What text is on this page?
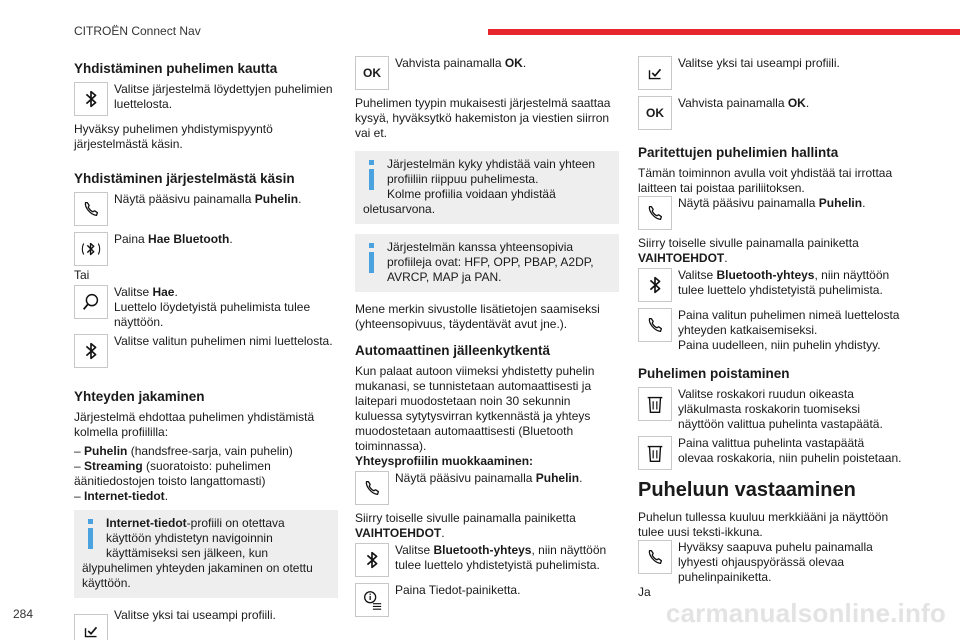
CITROËN Connect Nav
Yhdistäminen puhelimen kautta
Valitse järjestelmä löydettyjen puhelimien luettelosta.

Hyväksy puhelimen yhdistymispyyntö järjestelmästä käsin.

Yhdistäminen järjestelmästä käsin
Näytä pääsivu painamalla Puhelin.
Paina Hae Bluetooth.

Tai

Valitse Hae.
Luettelo löydetyistä puhelimista tulee näyttöön.
Valitse valitun puhelimen nimi luettelosta.
Yhteyden jakaminen

Järjestelmä ehdottaa puhelimen yhdistämistä kolmella profiililla:

– Puhelin (handsfree-sarja, vain puhelin)

– Streaming (suoratoisto: puhelimen äänitiedostojen toisto langattomasti)

– Internet-tiedot.

Internet-tiedot-profiili on otettava käyttöön yhdistetyn navigoinnin käyttämiseksi sen jälkeen, kun älypuhelimen yhteyden jakaminen on otettu käyttöön.
Valitse yksi tai useampi profiili.
OK
Vahvista painamalla OK.

Puhelimen tyypin mukaisesti järjestelmä saattaa kysyä, hyväksytkö hakemiston ja viestien siirron vai et.

Järjestelmän kyky yhdistää vain yhteen profiiliin riippuu puhelimesta.
Kolme profiilia voidaan yhdistää oletusarvona.
Järjestelmän kanssa yhteensopivia profiileja ovat: HFP, OPP, PBAP, A2DP, AVRCP, MAP ja PAN.

Mene merkin sivustolle lisätietojen saamiseksi (yhteensopivuus, täydentävät avut jne.).

Automaattinen jälleenkytkentä

Kun palaat autoon viimeksi yhdistetty puhelin mukanasi, se tunnistetaan automaattisesti ja laitepari muodostetaan noin 30 sekunnin kuluessa sytytysvirran kytkennästä ja yhteys muodostetaan automaattisesti (Bluetooth toiminnassa).

Yhteysprofiilin muokkaaminen:

Näytä pääsivu painamalla Puhelin.

Siirry toiselle sivulle painamalla painiketta
VAIHTOEHDOT.

Valitse Bluetooth-yhteys, niin näyttöön tulee luettelo yhdistetyistä puhelimista.
Paina Tiedot-painiketta.
Valitse yksi tai useampi profiili.
OK
Vahvista painamalla OK.
Paritettujen puhelimien hallinta

Tämän toiminnon avulla voit yhdistää tai irrottaa laitteen tai poistaa pariliitoksen.

Näytä pääsivu painamalla Puhelin.

Siirry toiselle sivulle painamalla painiketta
VAIHTOEHDOT.

Valitse Bluetooth-yhteys, niin näyttöön tulee luettelo yhdistetyistä puhelimista.
Paina valitun puhelimen nimeä luettelosta yhteyden katkaisemiseksi.
Paina uudelleen, niin puhelin yhdistyy.
Puhelimen poistaminen
Valitse roskakori ruudun oikeasta yläkulmasta roskakorin tuomiseksi näyttöön valittua puhelinta vastapäätä.
Paina valittua puhelinta vastapäätä olevaa roskakoria, niin puhelin poistetaan.
Puheluun vastaaminen

Puhelun tullessa kuuluu merkkiääni ja näyttöön tulee uusi teksti-ikkuna.

Hyväksy saapuva puhelu painamalla lyhyesti ohjauspyörässä olevaa puhelinpainiketta.

Ja

284	carmanualsonline.info
